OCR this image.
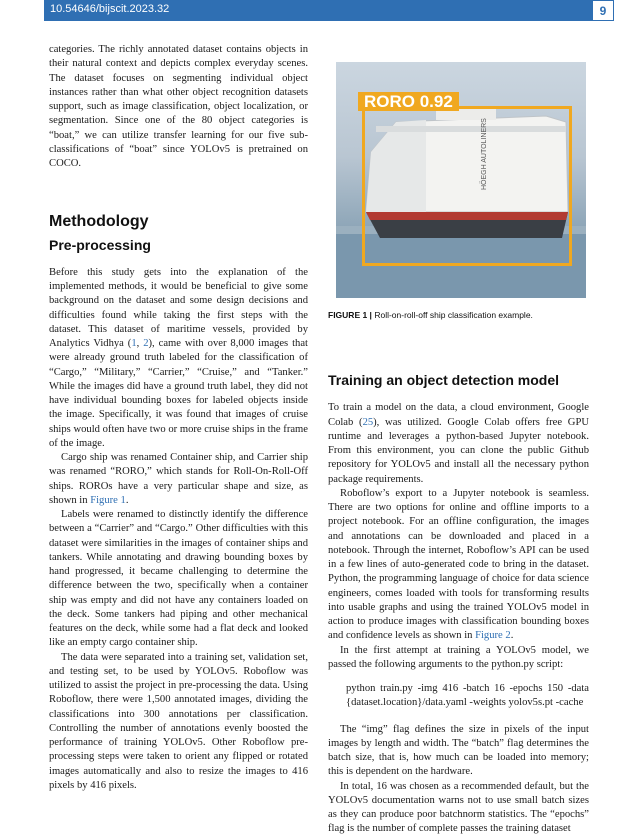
10.54646/bijscit.2023.32	9

categories. The richly annotated dataset contains objects in their natural context and depicts complex everyday scenes. The dataset focuses on segmenting individual object instances rather than what other object recognition datasets support, such as image classification, object localization, or segmentation. Since one of the 80 object categories is “boat,” we can utilize transfer learning for our five sub-classifications of “boat” since YOLOv5 is pretrained on COCO.

Methodology
Pre-processing

Before this study gets into the explanation of the implemented methods, it would be beneficial to give some background on the dataset and some design decisions and difficulties found while taking the first steps with the dataset. This dataset of maritime vessels, provided by Analytics Vidhya (1, 2), came with over 8,000 images that were already ground truth labeled for the classification of “Cargo,” “Military,” “Carrier,” “Cruise,” and “Tanker.” While the images did have a ground truth label, they did not have individual bounding boxes for labeled objects inside the image. Specifically, it was found that images of cruise ships would often have two or more cruise ships in the frame of the image.

Cargo ship was renamed Container ship, and Carrier ship was renamed “RORO,” which stands for Roll-On-Roll-Off ships. ROROs have a very particular shape and size, as shown in Figure 1.

Labels were renamed to distinctly identify the difference between a “Carrier” and “Cargo.” Other difficulties with this dataset were similarities in the images of container ships and tankers. While annotating and drawing bounding boxes by hand progressed, it became challenging to determine the difference between the two, specifically when a container ship was empty and did not have any containers loaded on the deck. Some tankers had piping and other mechanical features on the deck, while some had a flat deck and looked like an empty cargo container ship.

The data were separated into a training set, validation set, and testing set, to be used by YOLOv5. Roboflow was utilized to assist the project in pre-processing the data. Using Roboflow, there were 1,500 annotated images, dividing the classifications into 300 annotations per classification. Controlling the number of annotations evenly boosted the performance of training YOLOv5. Other Roboflow pre-processing steps were taken to orient any flipped or rotated images automatically and also to resize the images to 416 pixels by 416 pixels.

HÖEGH AUTOLINERS
RORO 0.92
FIGURE 1 | Roll-on-roll-off ship classification example.
Training an object detection model

To train a model on the data, a cloud environment, Google Colab (25), was utilized. Google Colab offers free GPU runtime and leverages a python-based Jupyter notebook. From this environment, you can clone the public Github repository for YOLOv5 and install all the necessary python package requirements.

Roboflow’s export to a Jupyter notebook is seamless. There are two options for online and offline imports to a project notebook. For an offline configuration, the images and annotations can be downloaded and placed in a notebook. Through the internet, Roboflow’s API can be used in a few lines of auto-generated code to bring in the dataset. Python, the programming language of choice for data science engineers, comes loaded with tools for transforming results into usable graphs and using the trained YOLOv5 model in action to produce images with classification bounding boxes and confidence levels as shown in Figure 2.

In the first attempt at training a YOLOv5 model, we passed the following arguments to the python.py script:

python train.py -img 416 -batch 16 -epochs 150 -data {dataset.location}/data.yaml -weights yolov5s.pt -cache

The “img” flag defines the size in pixels of the input images by length and width. The “batch” flag determines the batch size, that is, how much can be loaded into memory; this is dependent on the hardware.

In total, 16 was chosen as a recommended default, but the YOLOv5 documentation warns not to use small batch sizes as they can produce poor batchnorm statistics. The “epochs” flag is the number of complete passes the training dataset
